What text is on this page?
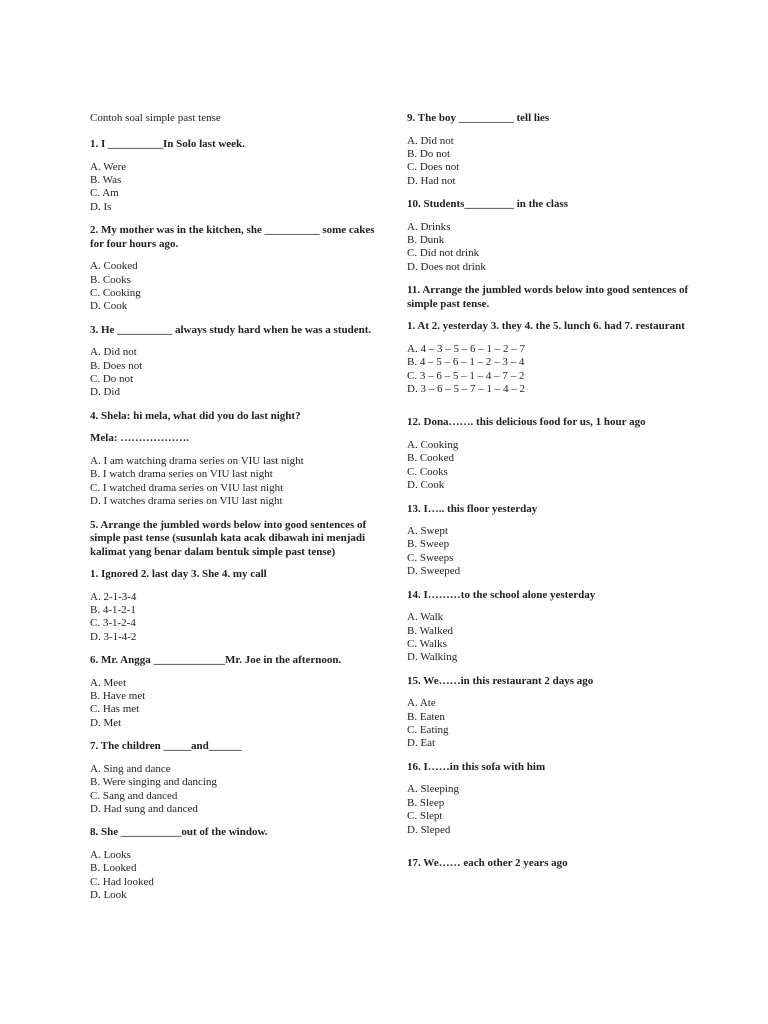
Contoh soal simple past tense
1. I __________In Solo last week.
A. Were
B. Was
C. Am
D. Is
2. My mother was in the kitchen, she __________ some cakes for four hours ago.
A. Cooked
B. Cooks
C. Cooking
D. Cook
3. He __________ always study hard when he was a student.
A. Did not
B. Does not
C. Do not
D. Did
4. Shela: hi mela, what did you do last night?
Mela: ……………….
A. I am watching drama series on VIU last night
B. I watch drama series on VIU last night
C. I watched drama series on VIU last night
D. I watches drama series on VIU last night
5. Arrange the jumbled words below into good sentences of simple past tense (susunlah kata acak dibawah ini menjadi kalimat yang benar dalam bentuk simple past tense)
1. Ignored 2. last day 3. She 4. my call
A. 2-1-3-4
B. 4-1-2-1
C. 3-1-2-4
D. 3-1-4-2
6. Mr. Angga _____________Mr. Joe in the afternoon.
A. Meet
B. Have met
C. Has met
D. Met
7. The children _____and______
A. Sing and dance
B. Were singing and dancing
C. Sang and danced
D. Had sung and danced
8. She ___________out of the window.
A. Looks
B. Looked
C. Had looked
D. Look
9. The boy __________ tell lies
A. Did not
B. Do not
C. Does not
D. Had not
10. Students_________ in the class
A. Drinks
B. Dunk
C. Did not drink
D. Does not drink
11. Arrange the jumbled words below into good sentences of simple past tense.
1. At 2. yesterday 3. they 4. the 5. lunch 6. had 7. restaurant
A. 4 – 3 – 5 – 6 – 1 – 2 – 7
B. 4 – 5 – 6 – 1 – 2 – 3 – 4
C. 3 – 6 – 5 – 1 – 4 – 7 – 2
D. 3 – 6 – 5 – 7 – 1 – 4 – 2
12. Dona……. this delicious food for us, 1 hour ago
A. Cooking
B. Cooked
C. Cooks
D. Cook
13. I….. this floor yesterday
A. Swept
B. Sweep
C. Sweeps
D. Sweeped
14. I………to the school alone yesterday
A. Walk
B. Walked
C. Walks
D. Walking
15. We……in this restaurant 2 days ago
A. Ate
B. Eaten
C. Eating
D. Eat
16. I……in this sofa with him
A. Sleeping
B. Sleep
C. Slept
D. Sleped
17. We…… each other 2 years ago
